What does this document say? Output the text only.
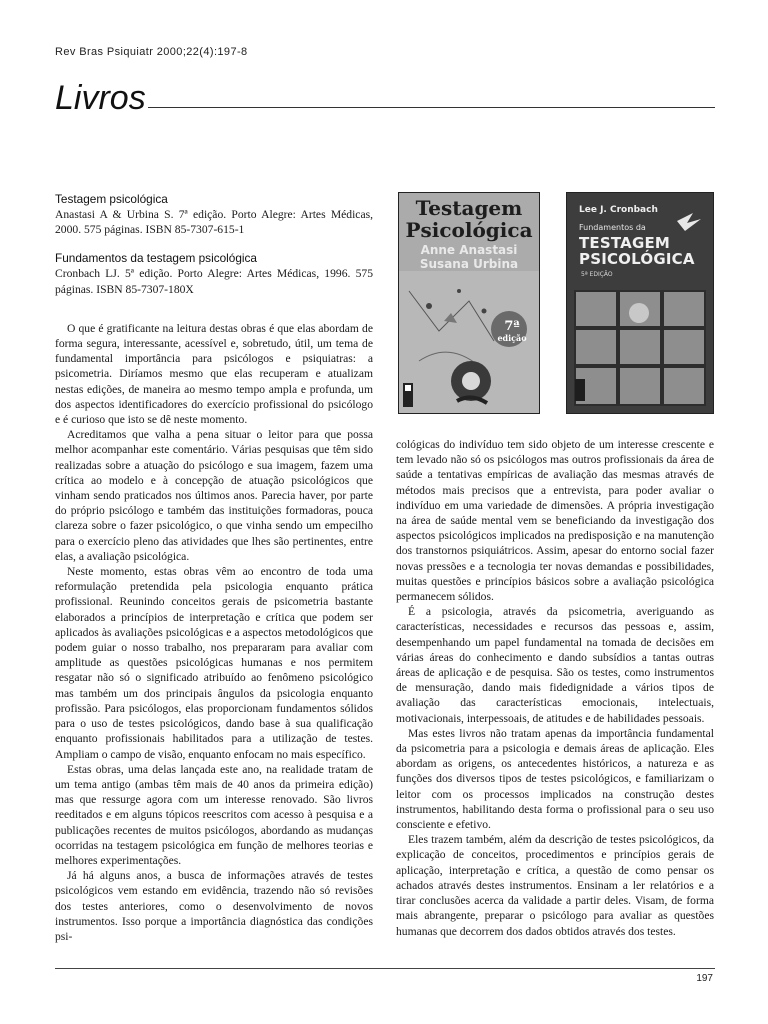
Rev Bras Psiquiatr 2000;22(4):197-8
Livros

Testagem psicológica

Anastasi A & Urbina S. 7ª edição. Porto Alegre: Artes Médicas, 2000. 575 páginas. ISBN 85-7307-615-1

Fundamentos da testagem psicológica

Cronbach LJ. 5ª edição. Porto Alegre: Artes Médicas, 1996. 575 páginas. ISBN 85-7307-180X

O que é gratificante na leitura destas obras é que elas abordam de forma segura, interessante, acessível e, sobretudo, útil, um tema de fundamental importância para psicólogos e psiquiatras: a psicometria. Diríamos mesmo que elas recuperam e atualizam nestas edições, de maneira ao mesmo tempo ampla e profunda, um dos aspectos identificadores do exercício profissional do psicólogo e é curioso que isto se dê neste momento.

Acreditamos que valha a pena situar o leitor para que possa melhor acompanhar este comentário. Várias pesquisas que têm sido realizadas sobre a atuação do psicólogo e sua imagem, fazem uma crítica ao modelo e à concepção de atuação psicológicos que vinham sendo praticados nos últimos anos. Parecia haver, por parte do próprio psicólogo e também das instituições formadoras, pouca clareza sobre o fazer psicológico, o que vinha sendo um empecilho para o exercício pleno das atividades que lhes são pertinentes, entre elas, a avaliação psicológica.

Neste momento, estas obras vêm ao encontro de toda uma reformulação pretendida pela psicologia enquanto prática profissional. Reunindo conceitos gerais de psicometria bastante elaborados a princípios de interpretação e crítica que podem ser aplicados às avaliações psicológicas e a aspectos metodológicos que podem guiar o nosso trabalho, nos prepararam para avaliar com amplitude as questões psicológicas humanas e nos permitem resgatar não só o significado atribuído ao fenômeno psicológico mas também um dos principais ângulos da psicologia enquanto profissão. Para psicólogos, elas proporcionam fundamentos sólidos para o uso de testes psicológicos, dando base à sua qualificação enquanto profissionais habilitados para a utilização de testes. Ampliam o campo de visão, enquanto enfocam no mais específico.

Estas obras, uma delas lançada este ano, na realidade tratam de um tema antigo (ambas têm mais de 40 anos da primeira edição) mas que ressurge agora com um interesse renovado. São livros reeditados e em alguns tópicos reescritos com acesso à pesquisa e a publicações recentes de muitos psicólogos, abordando as mudanças ocorridas na testagem psicológica em função de melhores teorias e melhores experimentações.

Já há alguns anos, a busca de informações através de testes psicológicos vem estando em evidência, trazendo não só revisões dos testes anteriores, como o desenvolvimento de novos instrumentos. Isso porque a importância diagnóstica das condições psi-

Testagem
Psicológica
Anne Anastasi
Susana Urbina
7ª
edição
Lee J. Cronbach
Fundamentos da
TESTAGEM
PSICOLÓGICA
5ª EDIÇÃO

cológicas do indivíduo tem sido objeto de um interesse crescente e tem levado não só os psicólogos mas outros profissionais da área de saúde a tentativas empíricas de avaliação das mesmas através de métodos mais precisos que a entrevista, para poder avaliar o indivíduo em uma variedade de dimensões. A própria investigação na área de saúde mental vem se beneficiando da investigação dos aspectos psicológicos implicados na predisposição e na manutenção dos transtornos psiquiátricos. Assim, apesar do entorno social fazer novas pressões e a tecnologia ter novas demandas e possibilidades, muitas questões e princípios básicos sobre a avaliação psicológica permanecem sólidos.

É a psicologia, através da psicometria, averiguando as características, necessidades e recursos das pessoas e, assim, desempenhando um papel fundamental na tomada de decisões em várias áreas do conhecimento e dando subsídios a tantas outras áreas de aplicação e de pesquisa. São os testes, como instrumentos de mensuração, dando mais fidedignidade a vários tipos de avaliação das características emocionais, intelectuais, motivacionais, interpessoais, de atitudes e de habilidades pessoais.

Mas estes livros não tratam apenas da importância fundamental da psicometria para a psicologia e demais áreas de aplicação. Eles abordam as origens, os antecedentes históricos, a natureza e as funções dos diversos tipos de testes psicológicos, e familiarizam o leitor com os processos implicados na construção destes instrumentos, habilitando desta forma o profissional para o seu uso consciente e efetivo.

Eles trazem também, além da descrição de testes psicológicos, da explicação de conceitos, procedimentos e princípios gerais de aplicação, interpretação e crítica, a questão de como pensar os achados através destes instrumentos. Ensinam a ler relatórios e a tirar conclusões acerca da validade a partir deles. Visam, de forma mais abrangente, preparar o psicólogo para avaliar as questões humanas que decorrem dos dados obtidos através dos testes.

197
